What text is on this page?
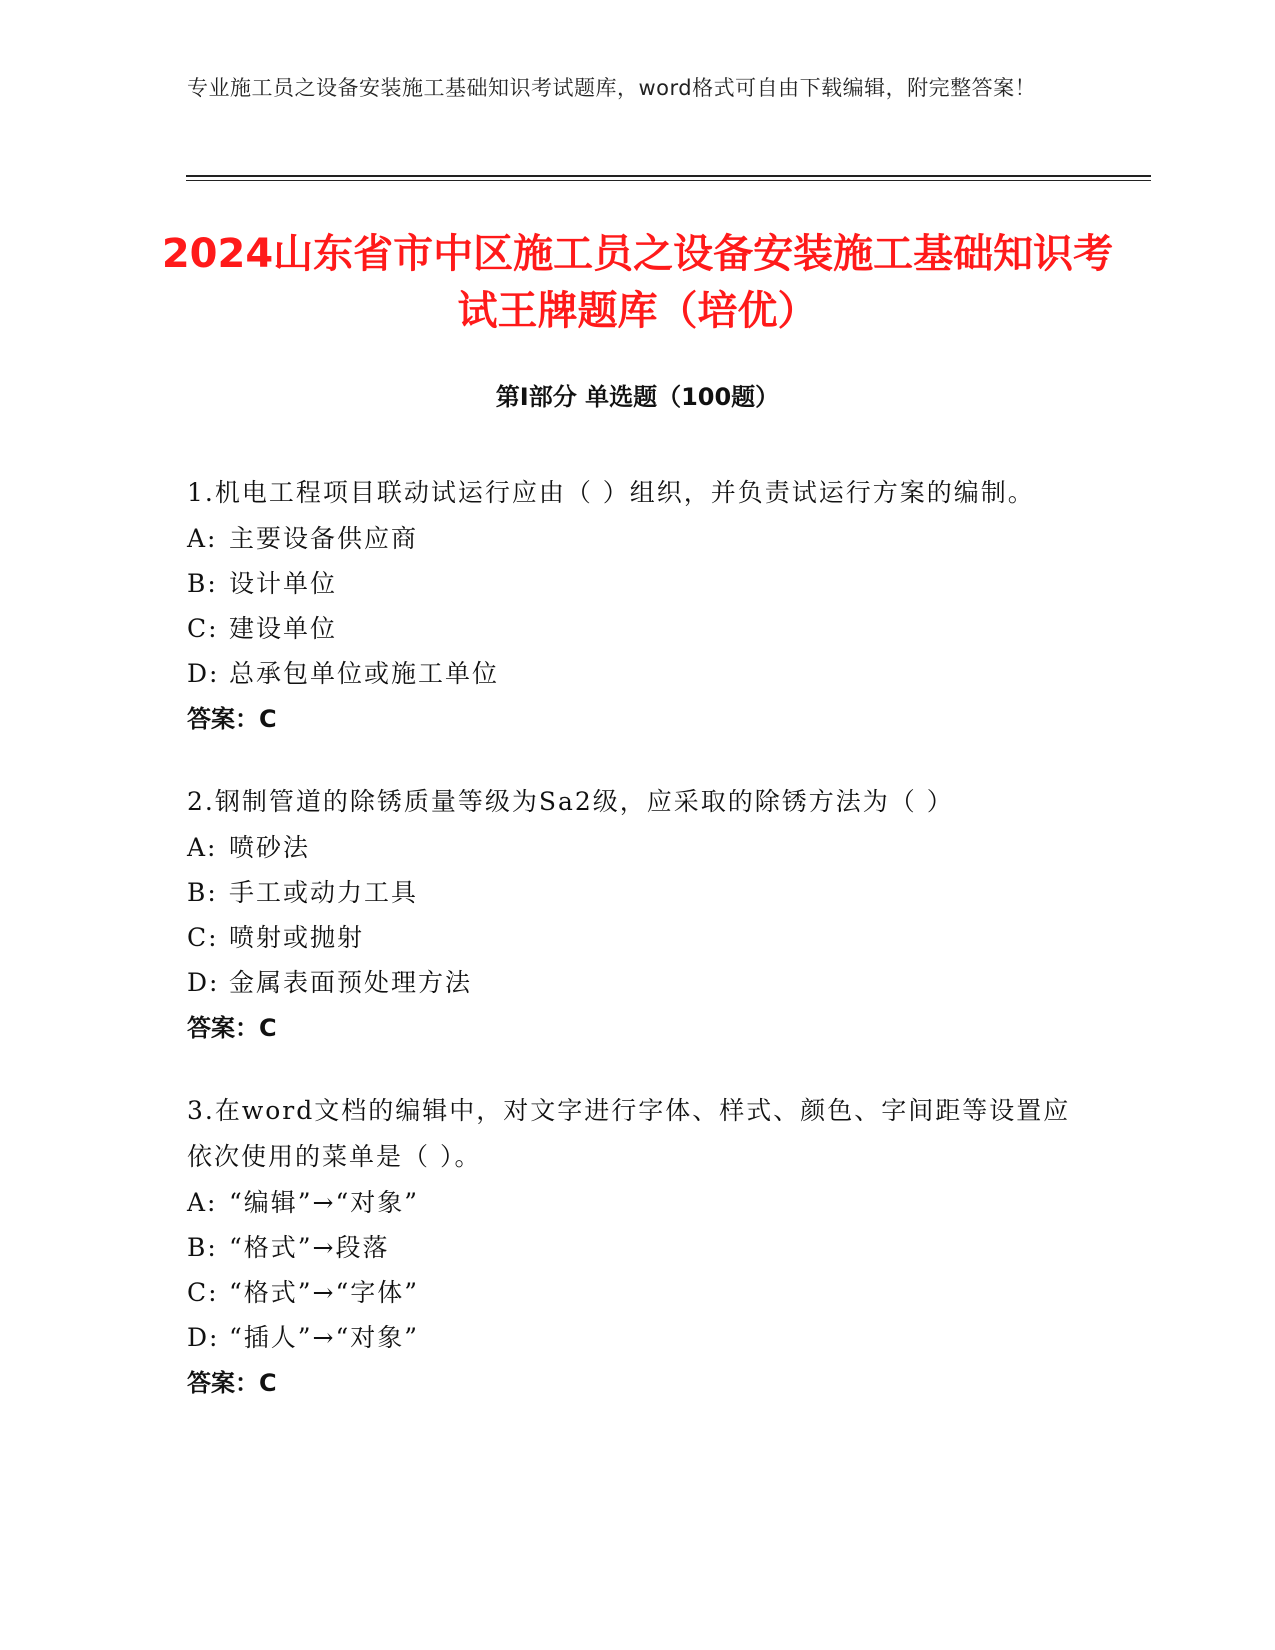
专业施工员之设备安装施工基础知识考试题库，word格式可自由下载编辑，附完整答案！
2024山东省市中区施工员之设备安装施工基础知识考试王牌题库（培优）
第Ⅰ部分 单选题（100题）

1.机电工程项目联动试运行应由（ ）组织，并负责试运行方案的编制。

A: 主要设备供应商

B: 设计单位

C: 建设单位

D: 总承包单位或施工单位

答案：C

2.钢制管道的除锈质量等级为Sa2级，应采取的除锈方法为（ ）

A: 喷砂法

B: 手工或动力工具

C: 喷射或抛射

D: 金属表面预处理方法

答案：C

3.在word文档的编辑中，对文字进行字体、样式、颜色、字间距等设置应依次使用的菜单是（ ）。

A: “编辑”→“对象”

B: “格式”→段落

C: “格式”→“字体”

D: “插人”→“对象”

答案：C
